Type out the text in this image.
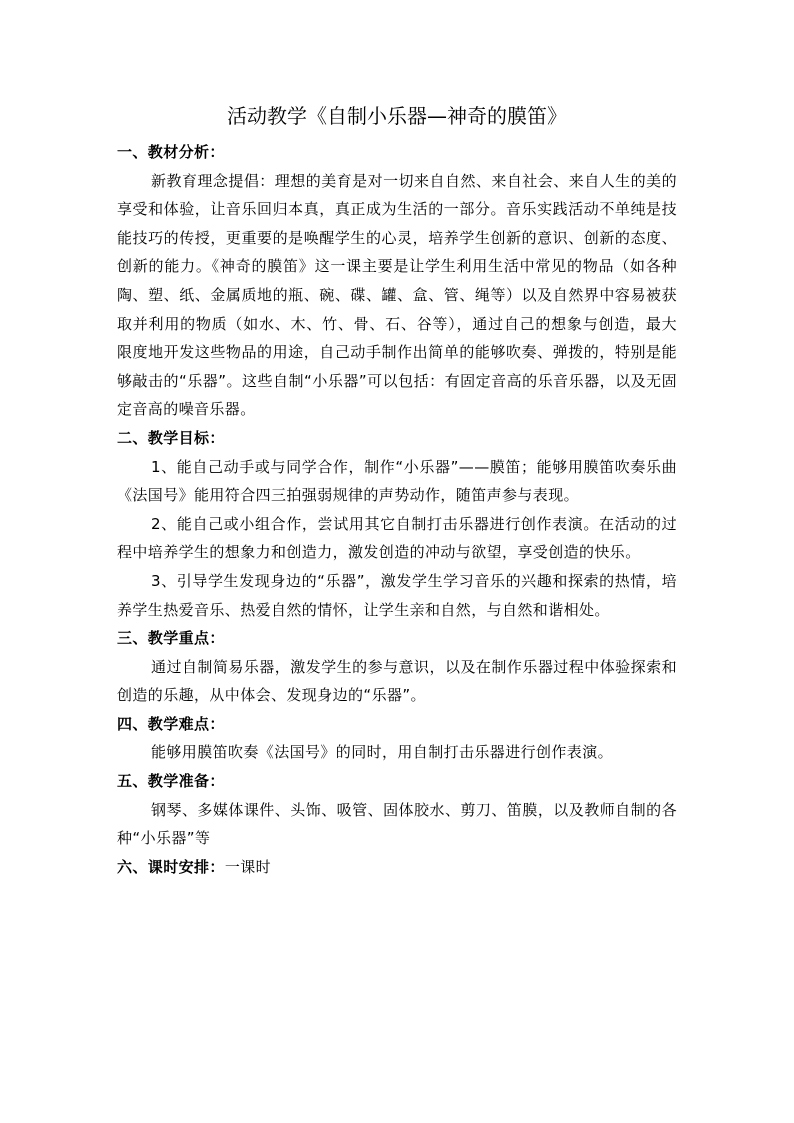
活动教学《自制小乐器—神奇的膜笛》

一、教材分析：

新教育理念提倡：理想的美育是对一切来自自然、来自社会、来自人生的美的享受和体验，让音乐回归本真，真正成为生活的一部分。音乐实践活动不单纯是技能技巧的传授，更重要的是唤醒学生的心灵，培养学生创新的意识、创新的态度、创新的能力。《神奇的膜笛》这一课主要是让学生利用生活中常见的物品（如各种陶、塑、纸、金属质地的瓶、碗、碟、罐、盒、管、绳等）以及自然界中容易被获取并利用的物质（如水、木、竹、骨、石、谷等），通过自己的想象与创造，最大限度地开发这些物品的用途，自己动手制作出简单的能够吹奏、弹拨的，特别是能够敲击的“乐器”。这些自制“小乐器”可以包括：有固定音高的乐音乐器，以及无固定音高的噪音乐器。

二、教学目标：

1、能自己动手或与同学合作，制作“小乐器”——膜笛；能够用膜笛吹奏乐曲《法国号》能用符合四三拍强弱规律的声势动作，随笛声参与表现。

2、能自己或小组合作，尝试用其它自制打击乐器进行创作表演。在活动的过程中培养学生的想象力和创造力，激发创造的冲动与欲望，享受创造的快乐。

3、引导学生发现身边的“乐器”，激发学生学习音乐的兴趣和探索的热情，培养学生热爱音乐、热爱自然的情怀，让学生亲和自然，与自然和谐相处。

三、教学重点：

通过自制简易乐器，激发学生的参与意识，以及在制作乐器过程中体验探索和创造的乐趣，从中体会、发现身边的“乐器”。

四、教学难点：

能够用膜笛吹奏《法国号》的同时，用自制打击乐器进行创作表演。

五、教学准备：

钢琴、多媒体课件、头饰、吸管、固体胶水、剪刀、笛膜，以及教师自制的各种“小乐器”等

六、课时安排：一课时
